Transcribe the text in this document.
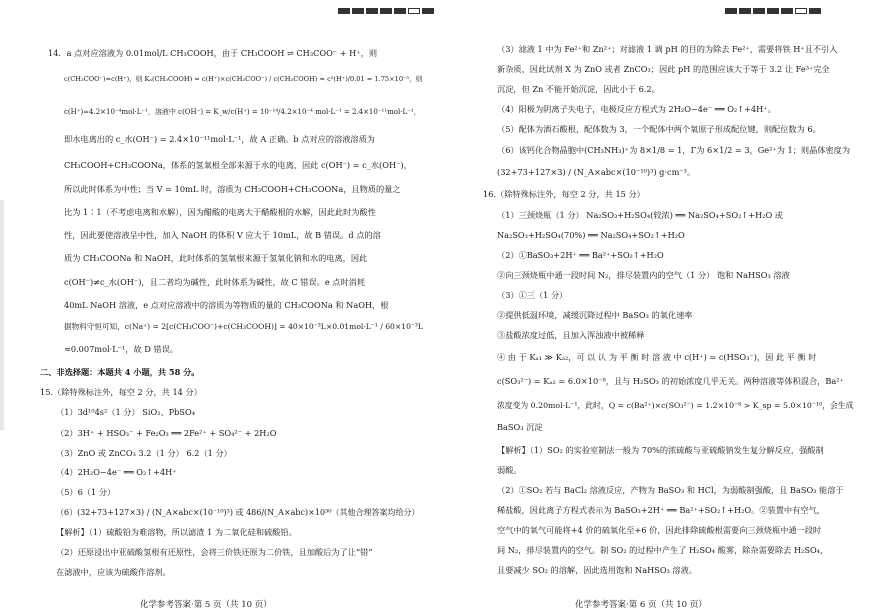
14．a 点对应溶液为 0.01mol/L CH₃COOH，由于 CH₃COOH ⇌ CH₃COO⁻ + H⁺，则
c(CH₃COO⁻)≈c(H⁺)，则 Kₐ(CH₃COOH) = c(H⁺)×c(CH₃COO⁻) / c(CH₃COOH) ≈ c²(H⁺)/0.01 = 1.75×10⁻⁵，则
c(H⁺)≈4.2×10⁻⁴mol·L⁻¹，溶液中 c(OH⁻) = K_w/c(H⁺) = 10⁻¹⁴/4.2×10⁻⁴ mol·L⁻¹ = 2.4×10⁻¹¹mol·L⁻¹，
即水电离出的 c_水(OH⁻) = 2.4×10⁻¹¹mol·L⁻¹，故 A 正确。b 点对应的溶液溶质为
CH₃COOH+CH₃COONa，体系的氢氧根全部来源于水的电离，因此 c(OH⁻) = c_水(OH⁻)，
所以此时体系为中性；当 V = 10mL 时，溶质为 CH₃COOH+CH₃COONa，且物质的量之
比为 1∶1（不考虑电离和水解），因为醋酸的电离大于醋酸根的水解，因此此时为酸性
性，因此要使溶液呈中性，加入 NaOH 的体积 V 应大于 10mL，故 B 错误。d 点的溶
质为 CH₃COONa 和 NaOH，此时体系的氢氧根来源于氢氧化钠和水的电离，因此
c(OH⁻)≠c_水(OH⁻)，且二者均为碱性，此时体系为碱性，故 C 错误。e 点时消耗
40mL NaOH 溶液，e 点对应溶液中的溶质为等物质的量的 CH₃COONa 和 NaOH，根
据物料守恒可知，c(Na⁺) = 2[c(CH₃COO⁻)+c(CH₃COOH)] = 40×10⁻³L×0.01mol·L⁻¹ / 60×10⁻³L
≈0.007mol·L⁻¹，故 D 错误。
二、非选择题：本题共 4 小题，共 58 分。
15.（除特殊标注外，每空 2 分，共 14 分）
（1）3d¹⁰4s²（1 分） SiO₂、PbSO₄
（2）3H⁺ + HSO₃⁻ + Fe₂O₃ ══ 2Fe²⁺ + SO₄²⁻ + 2H₂O
（3）ZnO 或 ZnCO₃ 3.2（1 分） 6.2（1 分）
（4）2H₂O−4e⁻ ══ O₂↑+4H⁺
（5）6（1 分）
（6）(32+73+127×3) / (N_A×abc×(10⁻¹⁰)³) 或 486/(N_A×abc)×10³⁰（其他合理答案均给分）
【解析】（1）硫酸铅为难溶物，所以滤渣 1 为二氧化硅和硫酸铅。
（2）还原浸出中亚硫酸氢根有还原性，会将三价铁还原为二价铁，且加酸后为了让“错”
在滤液中，应该为硫酸作溶剂。
化学参考答案·第 5 页（共 10 页）
（3）滤液 1 中为 Fe²⁺和 Zn²⁺；对滤液 1 调 pH 的目的为除去 Fe²⁺，需要将铁 H⁺且不引入
新杂质，因此试剂 X 为 ZnO 或者 ZnCO₃；因此 pH 的范围应该大于等于 3.2 让 Fe³⁺完全
沉淀，但 Zn 不能开始沉淀，因此小于 6.2。
（4）阳极为阴离子失电子，电极反应方程式为 2H₂O−4e⁻ ══ O₂↑+4H⁺。
（5）配体为酒石酸根，配体数为 3，一个配体中两个氧原子形成配位键，则配位数为 6。
（6）该钙化合物晶胞中(CH₃NH₃)⁺为 8×1/8 = 1，Γ为 6×1/2 = 3，Ge²⁺为 1；则晶体密度为
(32+73+127×3) / (N_A×abc×(10⁻¹⁰)³) g·cm⁻³。
16.（除特殊标注外，每空 2 分，共 15 分）
（1）三颈烧瓶（1 分） Na₂SO₃+H₂SO₄(较浓) ══ Na₂SO₄+SO₂↑+H₂O 或
Na₂SO₃+H₂SO₄(70%) ══ Na₂SO₄+SO₂↑+H₂O
（2）①BaSO₃+2H⁺ ══ Ba²⁺+SO₂↑+H₂O
②向三颈烧瓶中通一段时间 N₂，排尽装置内的空气（1 分） 饱和 NaHSO₃ 溶液
（3）①三（1 分）
②提供低温环境，减缓沉降过程中 BaSO₃ 的氧化速率
③盐酸浓度过低，且加入浑浊液中被稀释
④ 由 于 Kₐ₁ ≫ Kₐ₂，可 以 认 为 平 衡 时 溶 液 中 c(H⁺) = c(HSO₃⁻)，因 此 平 衡 时
c(SO₃²⁻) = Kₐ₂ = 6.0×10⁻⁸，且与 H₂SO₃ 的初始浓度几乎无关。两种溶液等体积混合，Ba²⁺
浓度变为 0.20mol·L⁻¹，此时，Q = c(Ba²⁺)×c(SO₃²⁻) = 1.2×10⁻⁸ > K_sp = 5.0×10⁻¹⁰，会生成
BaSO₃ 沉淀
【解析】（1）SO₂ 的实验室制法一般为 70%的浓硫酸与亚硫酸钠发生复分解反应，强酸制
弱酸。
（2）①SO₂ 若与 BaCl₂ 溶液反应，产物为 BaSO₃ 和 HCl，为弱酸制强酸，且 BaSO₃ 能溶于
稀盐酸，因此离子方程式表示为 BaSO₃+2H⁺ ══ Ba²⁺+SO₂↑+H₂O。②装置中有空气，
空气中的氧气可能将+4 价的硫氧化至+6 价，因此排除硫酸根需要向三颈烧瓶中通一段时
间 N₂，排尽装置内的空气。制 SO₂ 的过程中产生了 H₂SO₄ 酸雾，除杂需要除去 H₂SO₄，
且要减少 SO₂ 的溶解，因此选用饱和 NaHSO₃ 溶液。
化学参考答案·第 6 页（共 10 页）
